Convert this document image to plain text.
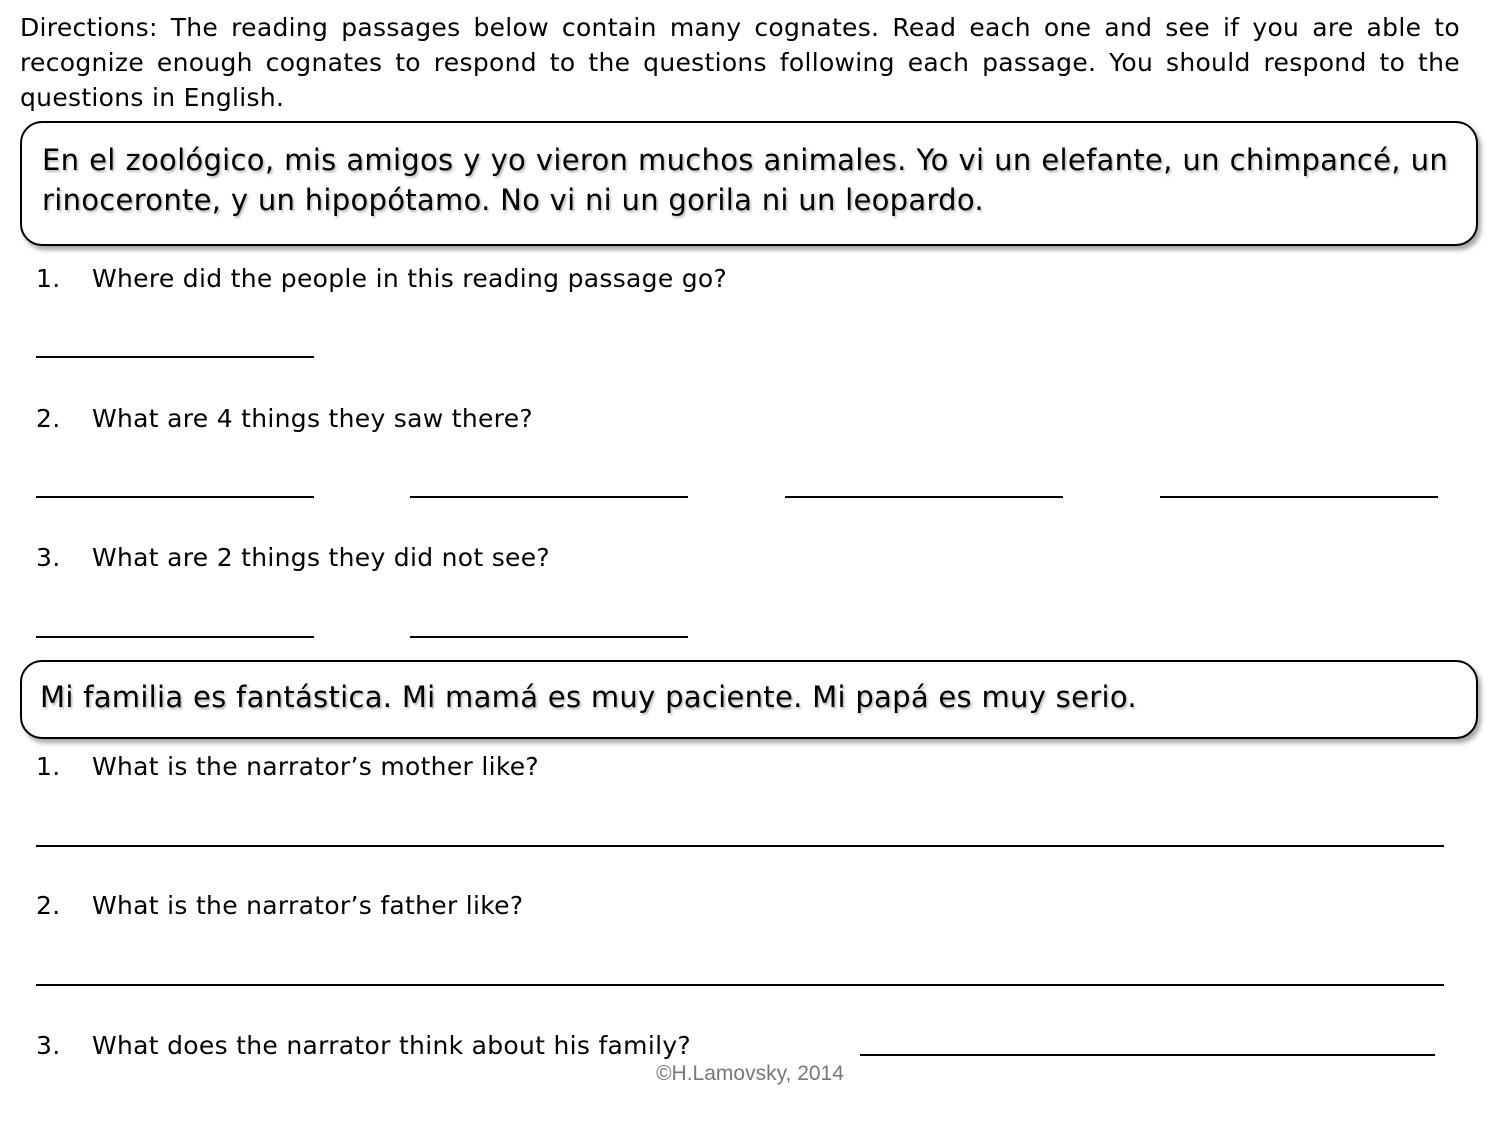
Directions: The reading passages below contain many cognates. Read each one and see if you are able to recognize enough cognates to respond to the questions following each passage. You should respond to the questions in English.
En el zoológico, mis amigos y yo vieron muchos animales. Yo vi un elefante, un chimpancé, un rinoceronte, y un hipopótamo. No vi ni un gorila ni un leopardo.
1. Where did the people in this reading passage go?
2. What are 4 things they saw there?
3. What are 2 things they did not see?
Mi familia es fantástica. Mi mamá es muy paciente. Mi papá es muy serio.
1. What is the narrator’s mother like?
2. What is the narrator’s father like?
3. What does the narrator think about his family?
©H.Lamovsky, 2014
